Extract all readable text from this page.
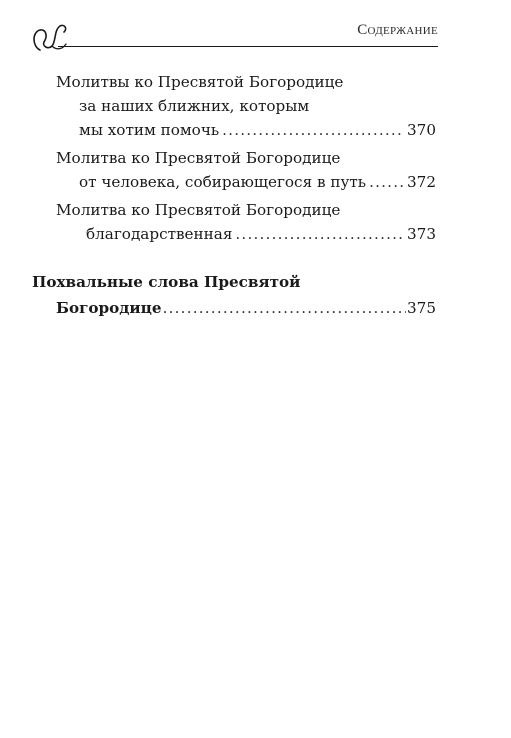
Содержание
Молитвы ко Пресвятой Богородице
за наших ближних, которым
мы хотим помочь .....	370
Молитва ко Пресвятой Богородице
от человека, собирающегося в путь .....	372
Молитва ко Пресвятой Богородице
благодарственная .....	373
Похвальные слова Пресвятой
Богородице .....	375
